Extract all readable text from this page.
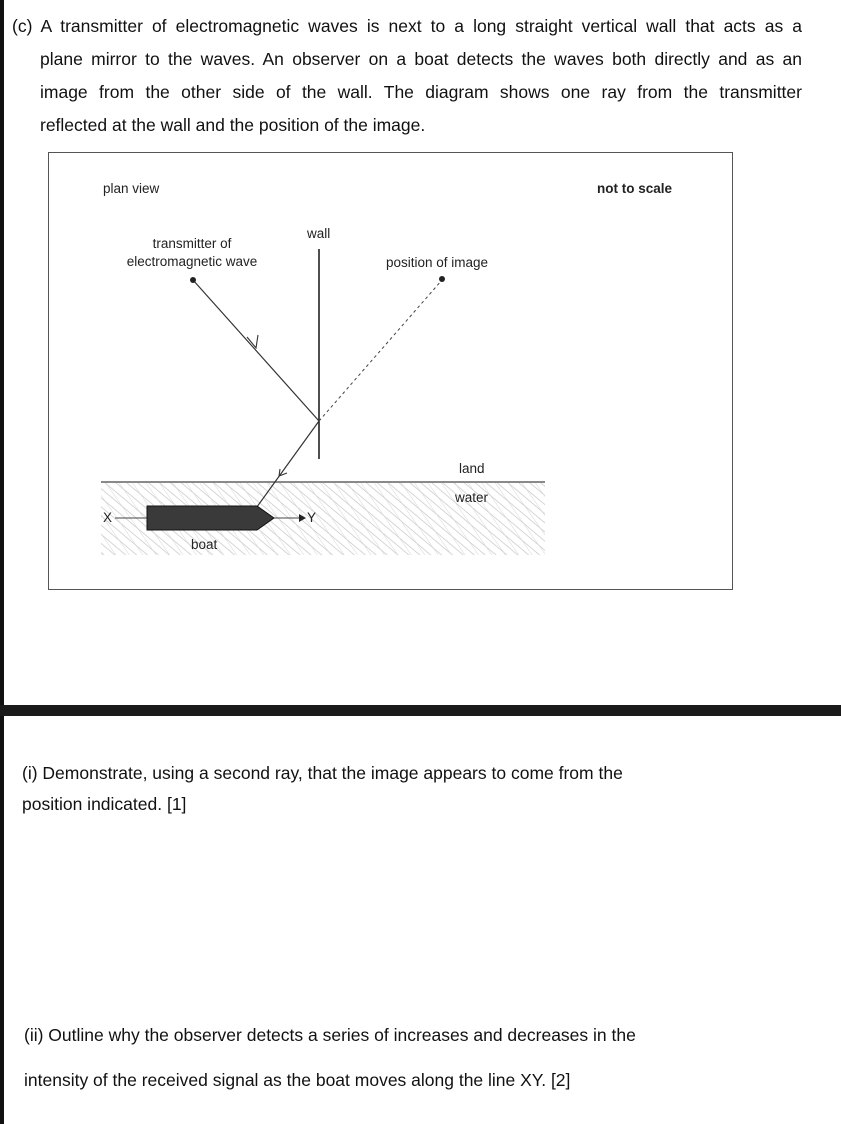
(c) A transmitter of electromagnetic waves is next to a long straight vertical wall that acts as a
plane mirror to the waves. An observer on a boat detects the waves both directly and as an
image from the other side of the wall. The diagram shows one ray from the transmitter
reflected at the wall and the position of the image.
plan view	not to scale
wall
transmitter of
electromagnetic wave	position of image
land
water
X	Y
boat
(i) Demonstrate, using a second ray, that the image appears to come from the
position indicated. [1]
(ii) Outline why the observer detects a series of increases and decreases in the
intensity of the received signal as the boat moves along the line XY. [2]
